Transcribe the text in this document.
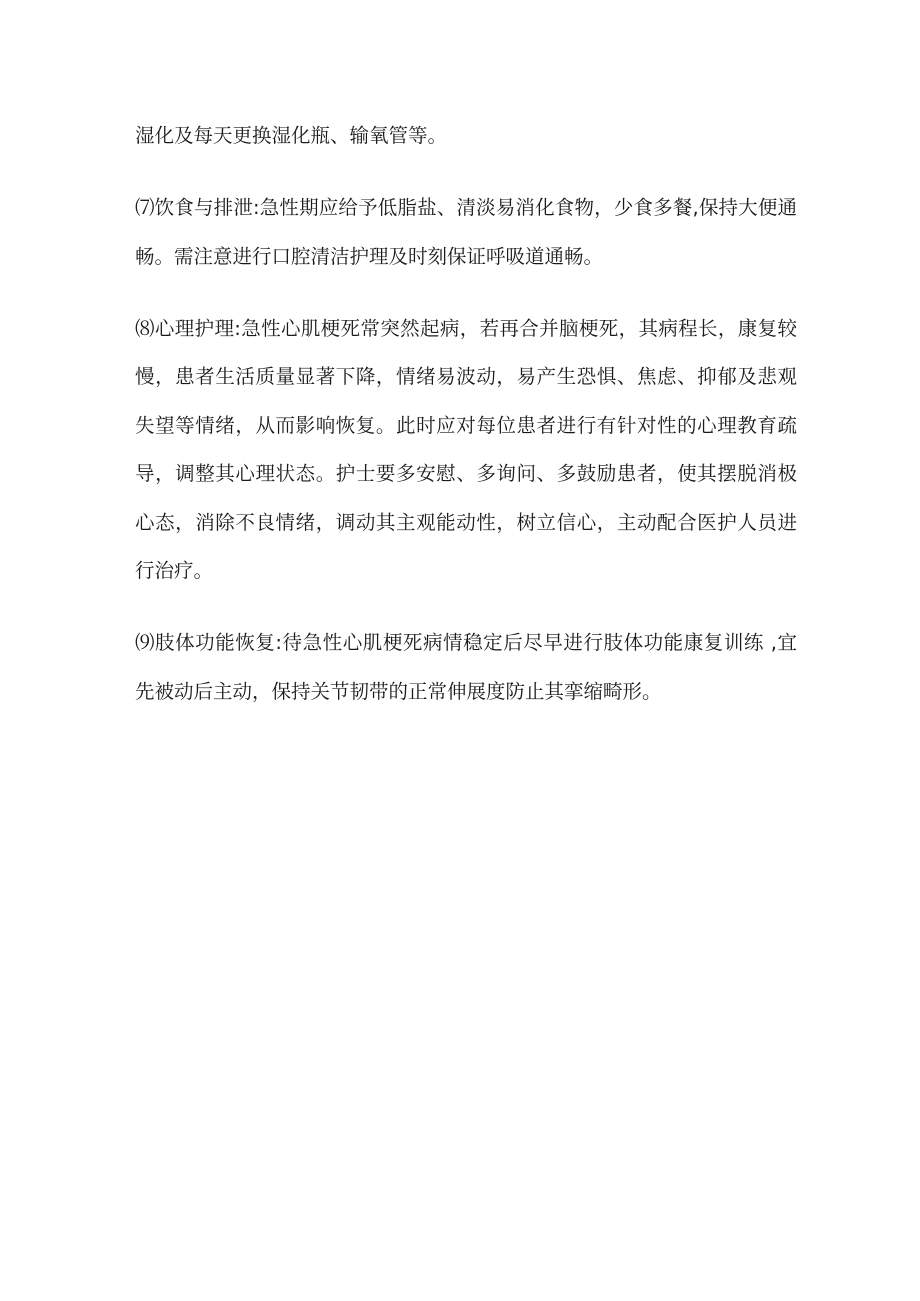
湿化及每天更换湿化瓶、输氧管等。

⑺饮食与排泄:急性期应给予低脂盐、清淡易消化食物，少食多餐,保持大便通畅。需注意进行口腔清洁护理及时刻保证呼吸道通畅。

⑻心理护理:急性心肌梗死常突然起病，若再合并脑梗死，其病程长，康复较慢，患者生活质量显著下降，情绪易波动，易产生恐惧、焦虑、抑郁及悲观失望等情绪，从而影响恢复。此时应对每位患者进行有针对性的心理教育疏导，调整其心理状态。护士要多安慰、多询问、多鼓励患者，使其摆脱消极心态，消除不良情绪，调动其主观能动性，树立信心，主动配合医护人员进行治疗。

⑼肢体功能恢复:待急性心肌梗死病情稳定后尽早进行肢体功能康复训练 ,宜先被动后主动，保持关节韧带的正常伸展度防止其挛缩畸形。
